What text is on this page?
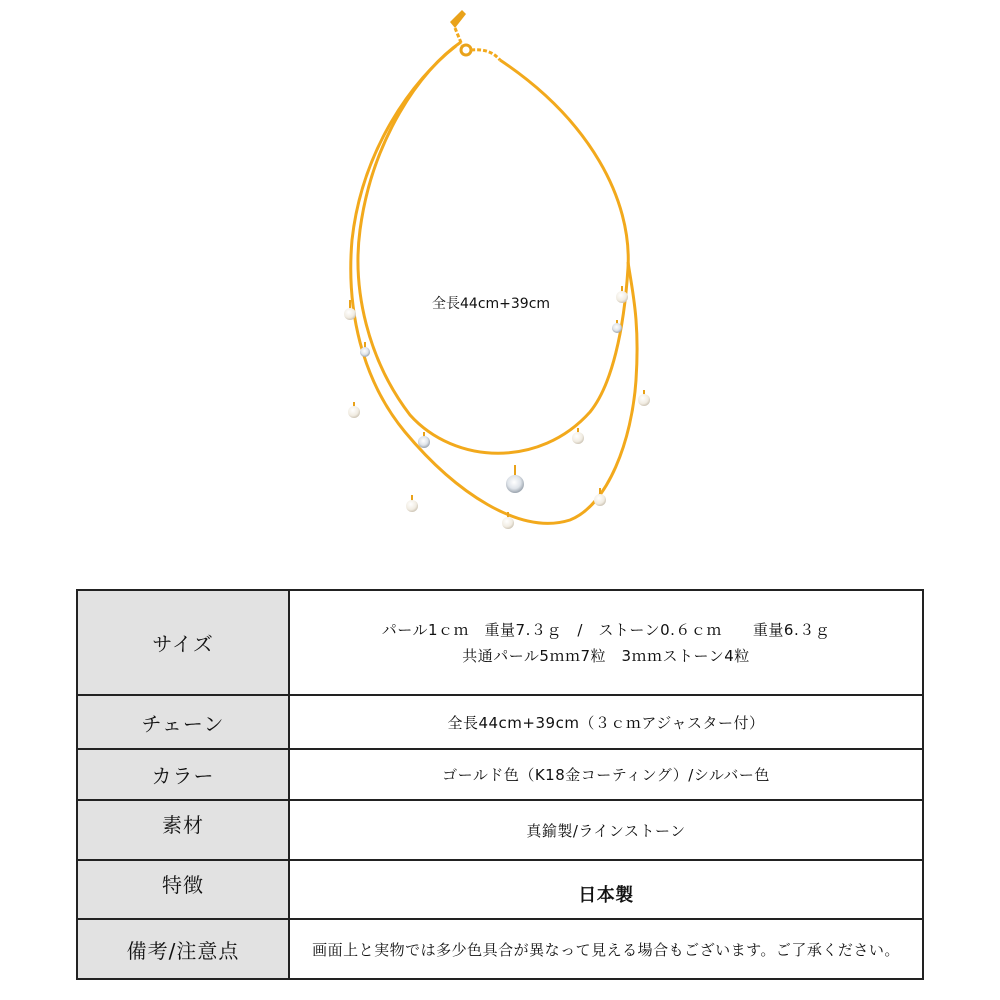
全長44cm+39cm
サイズ	パール1ｃｍ　重量7.３ｇ　/　ストーン0.６ｃｍ　　重量6.３ｇ
共通パール5ｍｍ7粒　3ｍｍストーン4粒

チェーン	全長44cm+39cm（３ｃｍアジャスター付）
カラー	ゴールド色（K18金コーティング）/シルバー色
素材	真鍮製/ラインストーン
特徴	日本製
備考/注意点	画面上と実物では多少色具合が異なって見える場合もございます。ご了承ください。
